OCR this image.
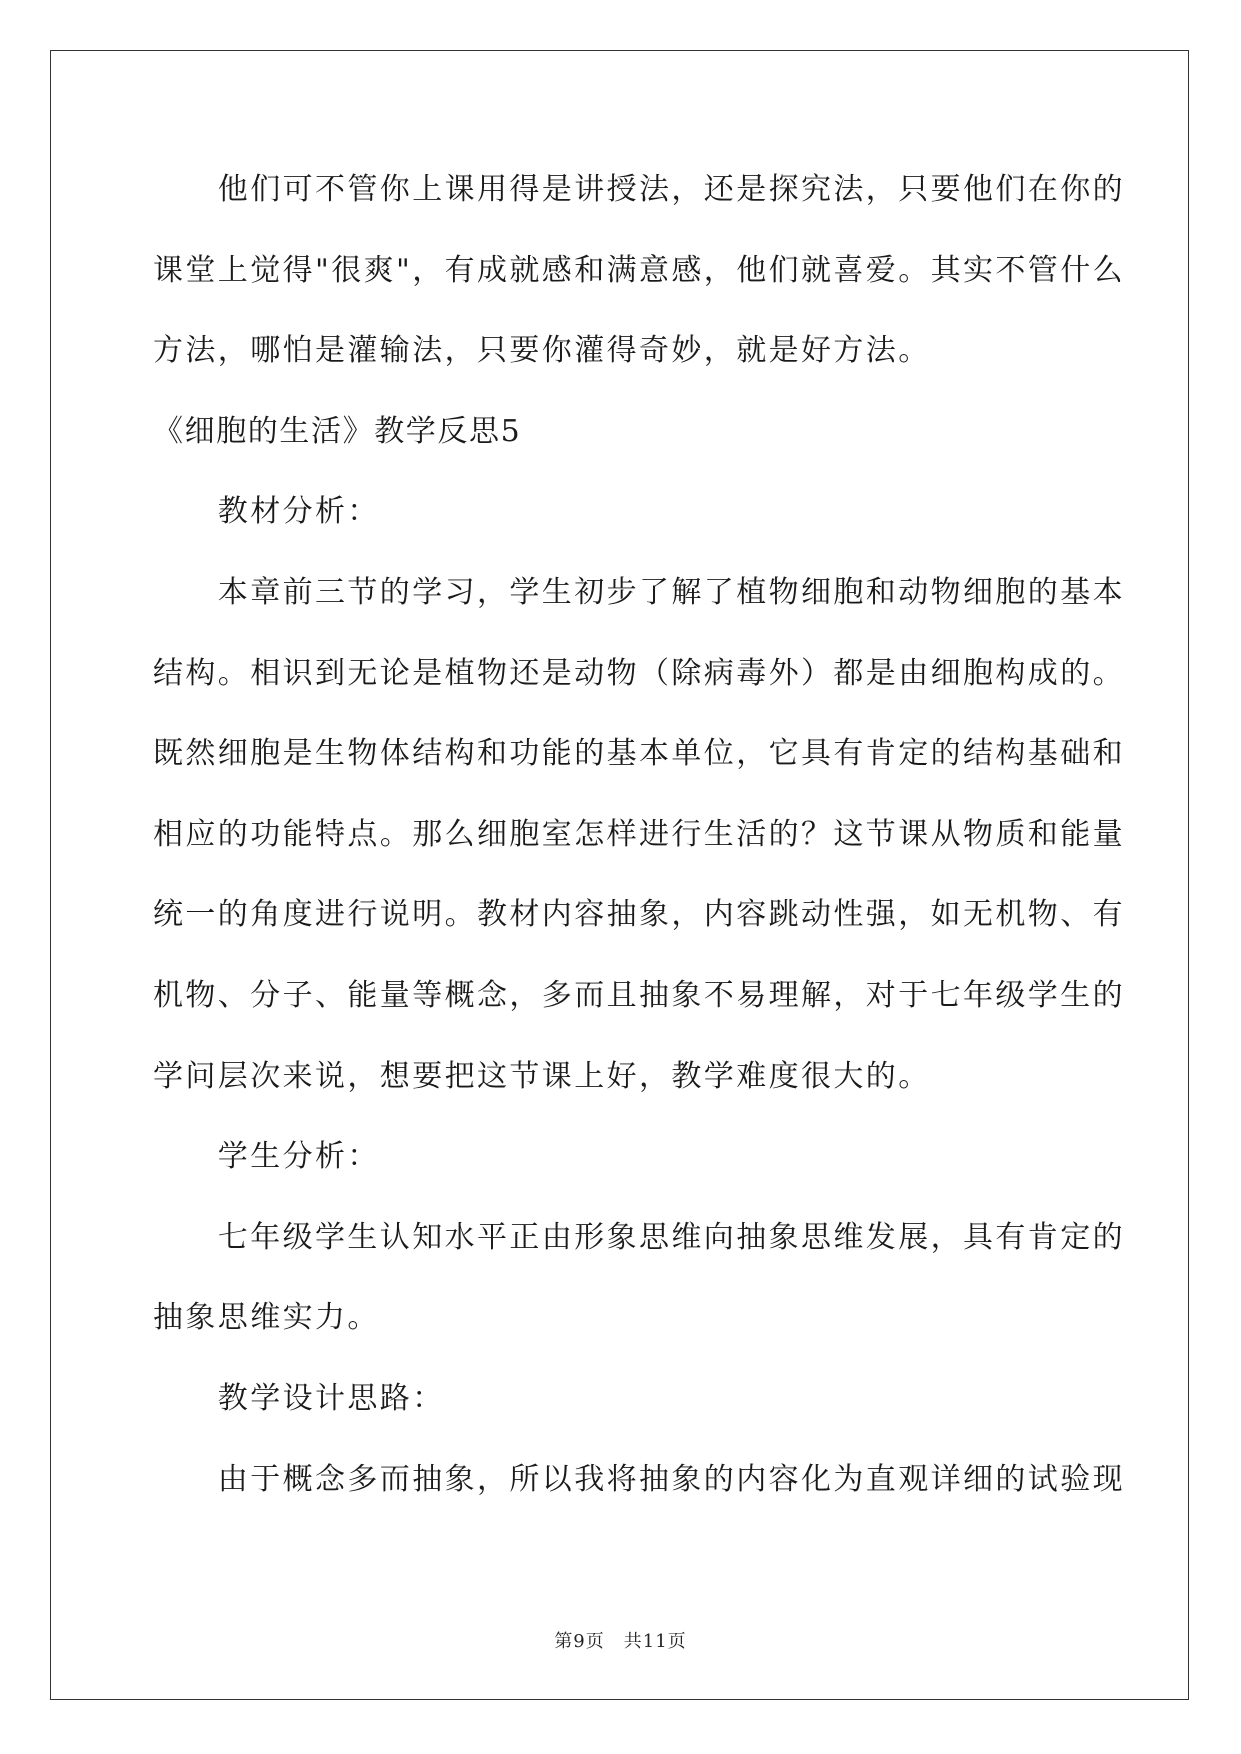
　　他们可不管你上课用得是讲授法，还是探究法，只要他们在你的
课堂上觉得"很爽"，有成就感和满意感，他们就喜爱。其实不管什么
方法，哪怕是灌输法，只要你灌得奇妙，就是好方法。
《细胞的生活》教学反思5
　　教材分析：
　　本章前三节的学习，学生初步了解了植物细胞和动物细胞的基本
结构。相识到无论是植物还是动物（除病毒外）都是由细胞构成的。
既然细胞是生物体结构和功能的基本单位，它具有肯定的结构基础和
相应的功能特点。那么细胞室怎样进行生活的？这节课从物质和能量
统一的角度进行说明。教材内容抽象，内容跳动性强，如无机物、有
机物、分子、能量等概念，多而且抽象不易理解，对于七年级学生的
学问层次来说，想要把这节课上好，教学难度很大的。
　　学生分析：
　　七年级学生认知水平正由形象思维向抽象思维发展，具有肯定的
抽象思维实力。
　　教学设计思路：
　　由于概念多而抽象，所以我将抽象的内容化为直观详细的试验现
第9页　共11页
